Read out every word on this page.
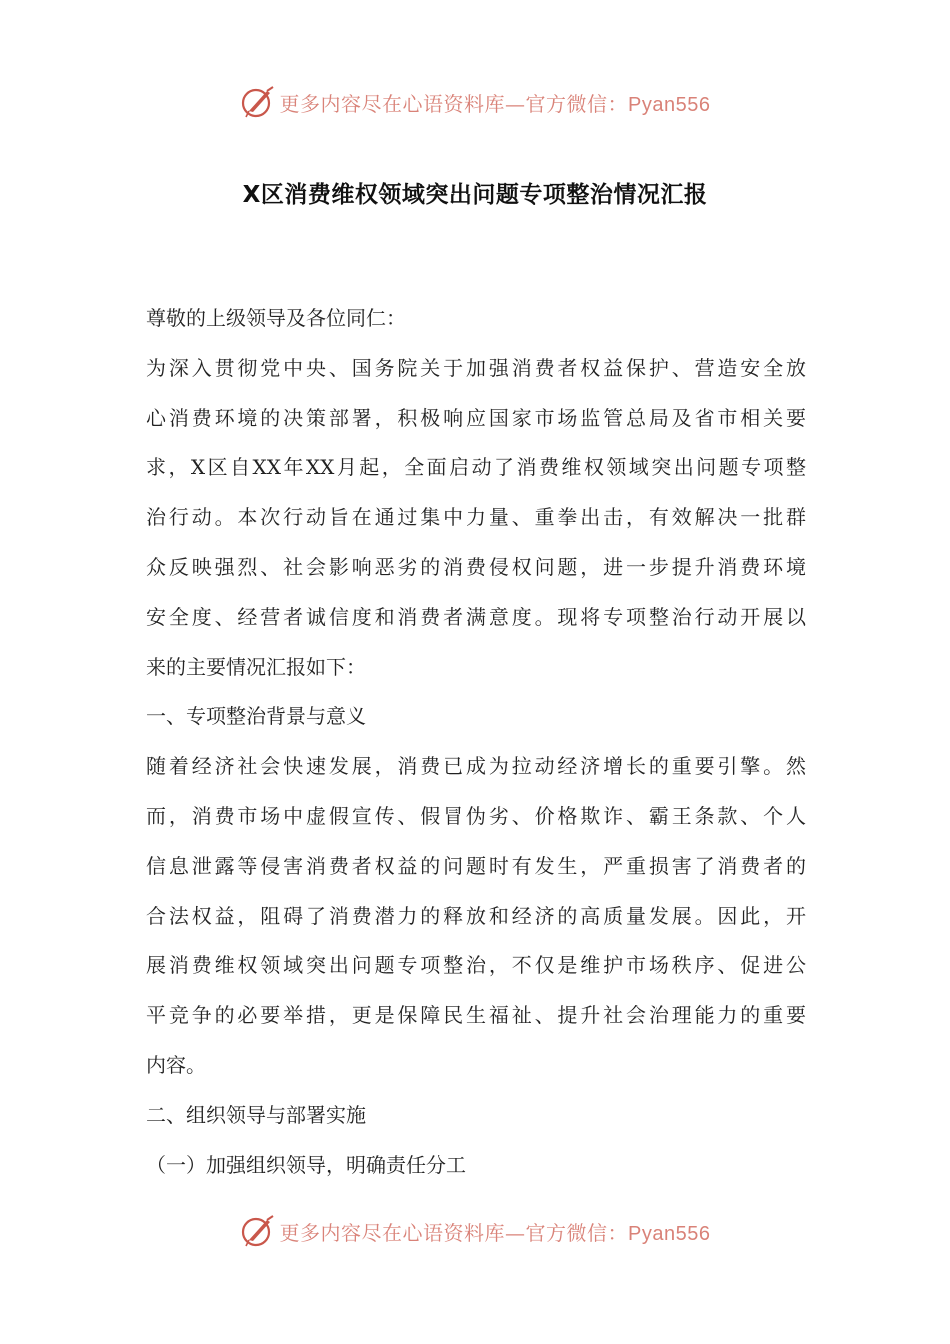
更多内容尽在心语资料库—官方微信：Pyan556
X区消费维权领域突出问题专项整治情况汇报
尊敬的上级领导及各位同仁：
为深入贯彻党中央、国务院关于加强消费者权益保护、营造安全放
心消费环境的决策部署，积极响应国家市场监管总局及省市相关要
求，X区自XX年XX月起，全面启动了消费维权领域突出问题专项整
治行动。本次行动旨在通过集中力量、重拳出击，有效解决一批群
众反映强烈、社会影响恶劣的消费侵权问题，进一步提升消费环境
安全度、经营者诚信度和消费者满意度。现将专项整治行动开展以
来的主要情况汇报如下：
一、专项整治背景与意义
随着经济社会快速发展，消费已成为拉动经济增长的重要引擎。然
而，消费市场中虚假宣传、假冒伪劣、价格欺诈、霸王条款、个人
信息泄露等侵害消费者权益的问题时有发生，严重损害了消费者的
合法权益，阻碍了消费潜力的释放和经济的高质量发展。因此，开
展消费维权领域突出问题专项整治，不仅是维护市场秩序、促进公
平竞争的必要举措，更是保障民生福祉、提升社会治理能力的重要
内容。
二、组织领导与部署实施
（一）加强组织领导，明确责任分工
更多内容尽在心语资料库—官方微信：Pyan556
